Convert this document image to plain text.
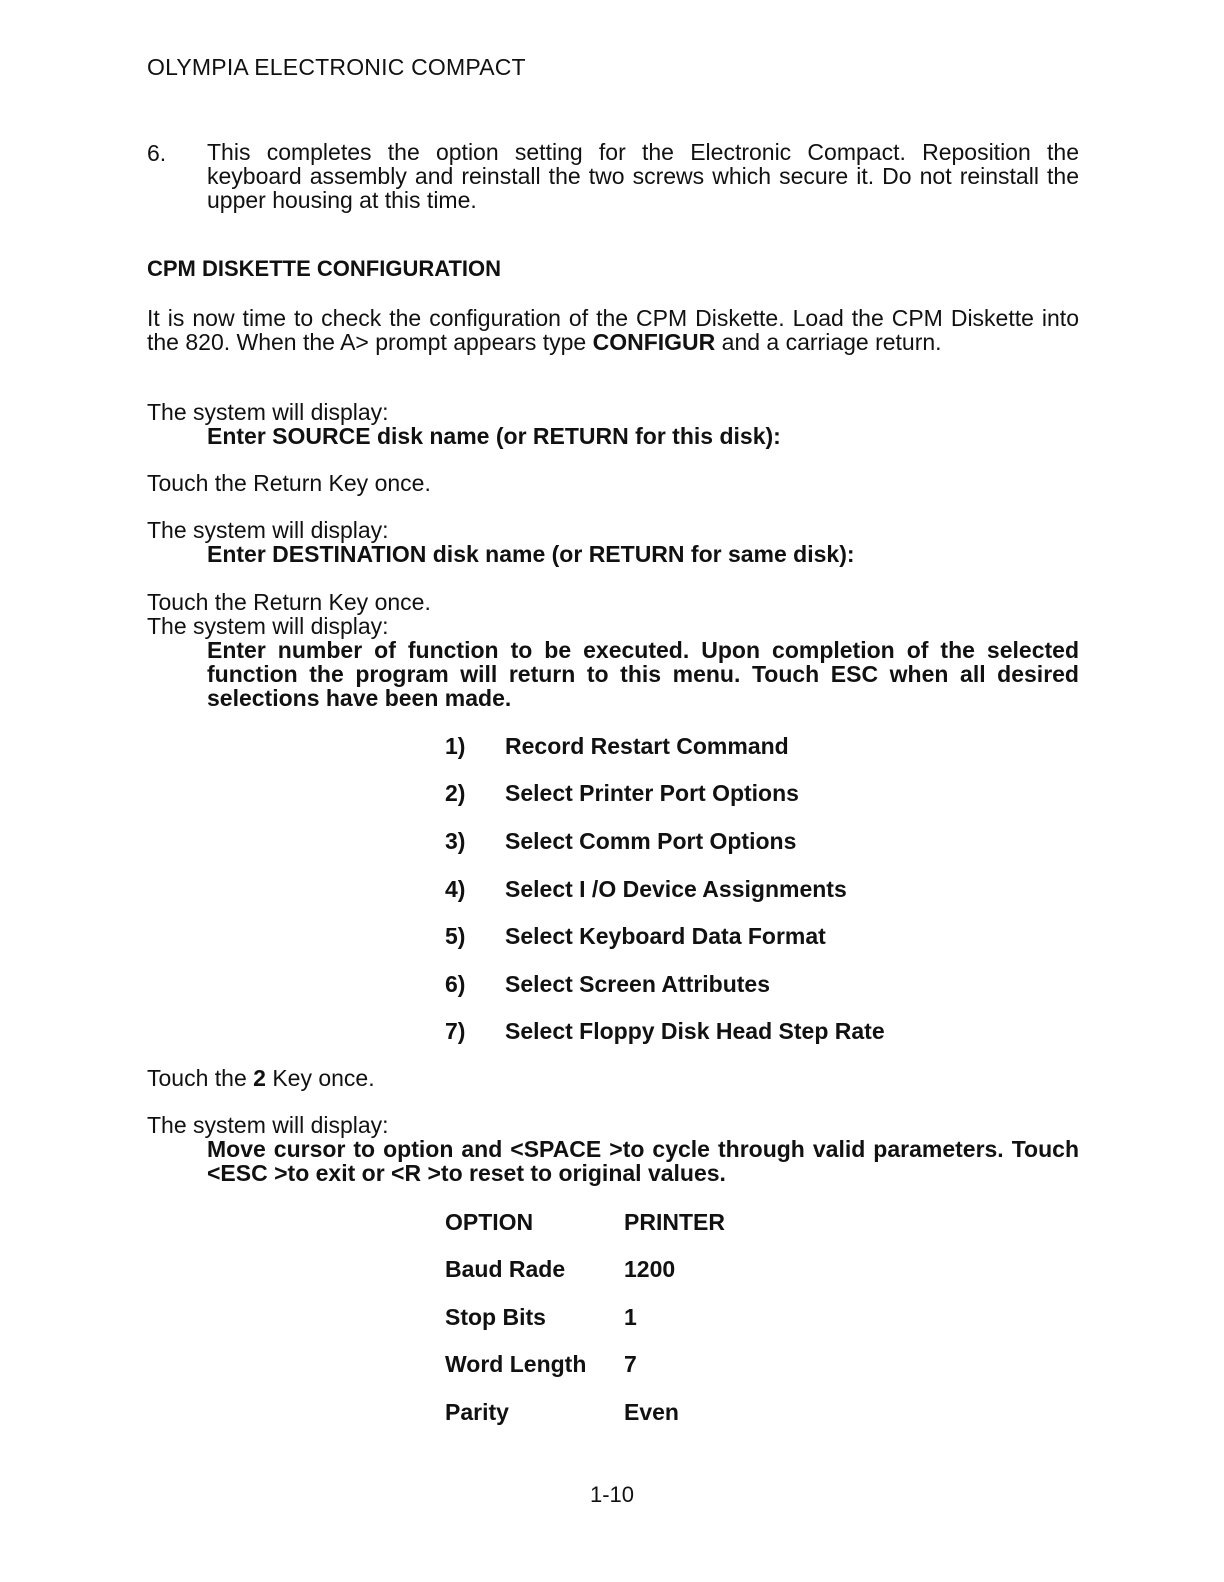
OLYMPIA ELECTRONIC COMPACT
6. This completes the option setting for the Electronic Compact. Reposition the keyboard assembly and reinstall the two screws which secure it. Do not reinstall the upper housing at this time.
CPM DISKETTE CONFIGURATION
It is now time to check the configuration of the CPM Diskette. Load the CPM Diskette into the 820. When the A> prompt appears type CONFIGUR and a carriage return.
The system will display:
Enter SOURCE disk name (or RETURN for this disk):
Touch the Return Key once.
The system will display:
Enter DESTINATION disk name (or RETURN for same disk):
Touch the Return Key once.
The system will display:
Enter number of function to be executed. Upon completion of the selected function the program will return to this menu. Touch ESC when all desired selections have been made.
1) Record Restart Command
2) Select Printer Port Options
3) Select Comm Port Options
4) Select I /O Device Assignments
5) Select Keyboard Data Format
6) Select Screen Attributes
7) Select Floppy Disk Head Step Rate
Touch the 2 Key once.
The system will display:
Move cursor to option and <SPACE >to cycle through valid parameters. Touch <ESC >to exit or <R >to reset to original values.
OPTION	PRINTER
Baud Rade	1200
Stop Bits	1
Word Length 7
Parity	Even
1-10
